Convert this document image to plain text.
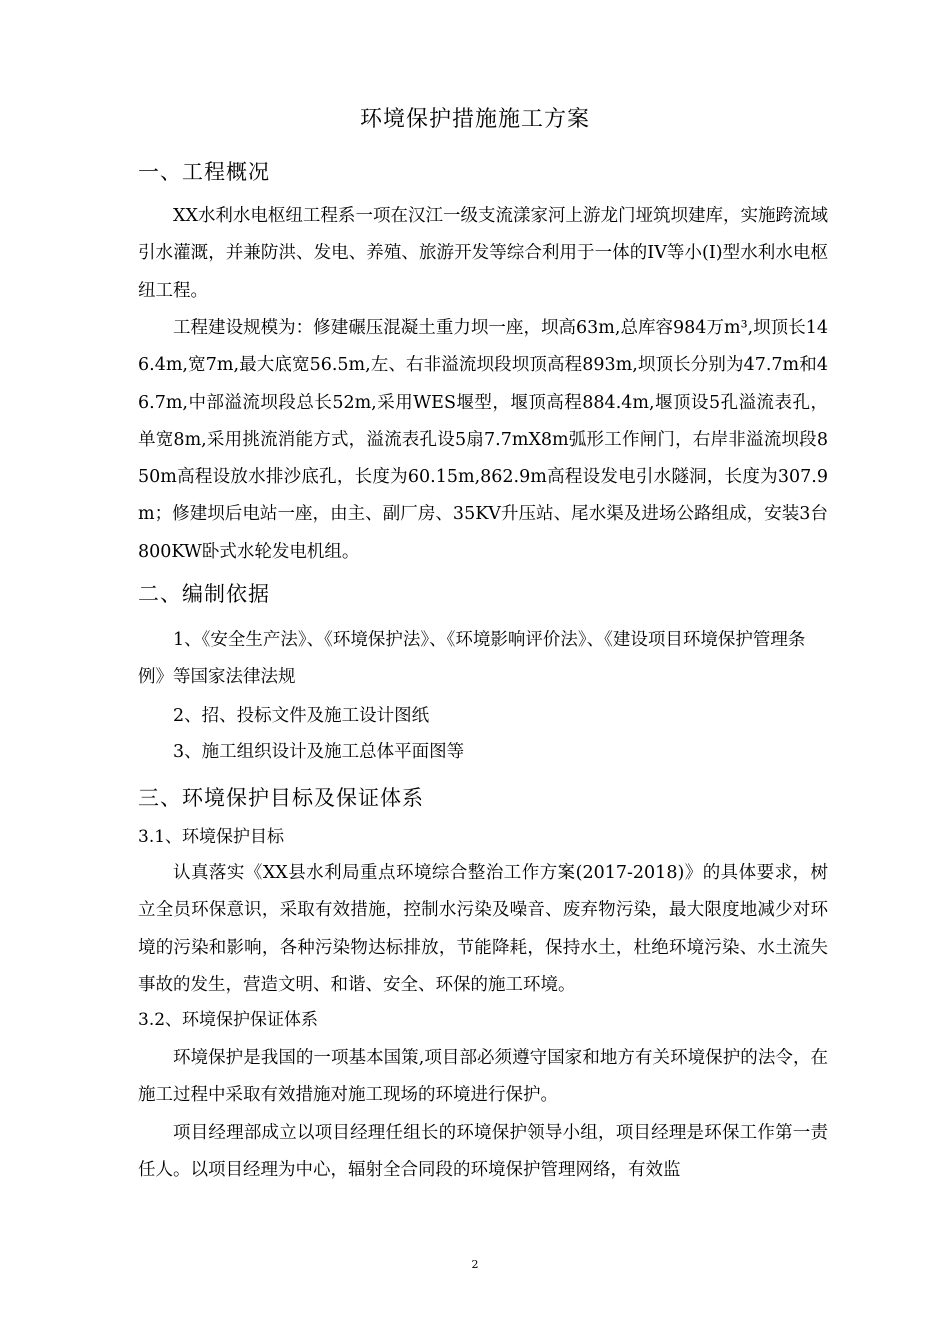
环境保护措施施工方案
一、工程概况
XX水利水电枢纽工程系一项在汉江一级支流漾家河上游龙门垭筑坝建库，实施跨流域引水灌溉，并兼防洪、发电、养殖、旅游开发等综合利用于一体的IV等小(I)型水利水电枢纽工程。
工程建设规模为：修建碾压混凝土重力坝一座，坝高63m,总库容984万m³,坝顶长146.4m,宽7m,最大底宽56.5m,左、右非溢流坝段坝顶高程893m,坝顶长分别为47.7m和46.7m,中部溢流坝段总长52m,采用WES堰型，堰顶高程884.4m,堰顶设5孔溢流表孔，单宽8m,采用挑流消能方式，溢流表孔设5扇7.7mX8m弧形工作闸门，右岸非溢流坝段850m高程设放水排沙底孔，长度为60.15m,862.9m高程设发电引水隧洞，长度为307.9m；修建坝后电站一座，由主、副厂房、35KV升压站、尾水渠及进场公路组成，安装3台800KW卧式水轮发电机组。
二、编制依据
1、《安全生产法》、《环境保护法》、《环境影响评价法》、《建设项目环境保护管理条例》等国家法律法规
2、招、投标文件及施工设计图纸
3、施工组织设计及施工总体平面图等
三、环境保护目标及保证体系
3.1、环境保护目标
认真落实《XX县水利局重点环境综合整治工作方案(2017-2018)》的具体要求，树立全员环保意识，采取有效措施，控制水污染及噪音、废弃物污染，最大限度地减少对环境的污染和影响，各种污染物达标排放，节能降耗，保持水土，杜绝环境污染、水土流失事故的发生，营造文明、和谐、安全、环保的施工环境。
3.2、环境保护保证体系
环境保护是我国的一项基本国策,项目部必须遵守国家和地方有关环境保护的法令，在施工过程中采取有效措施对施工现场的环境进行保护。
项目经理部成立以项目经理任组长的环境保护领导小组，项目经理是环保工作第一责任人。以项目经理为中心，辐射全合同段的环境保护管理网络，有效监
2
